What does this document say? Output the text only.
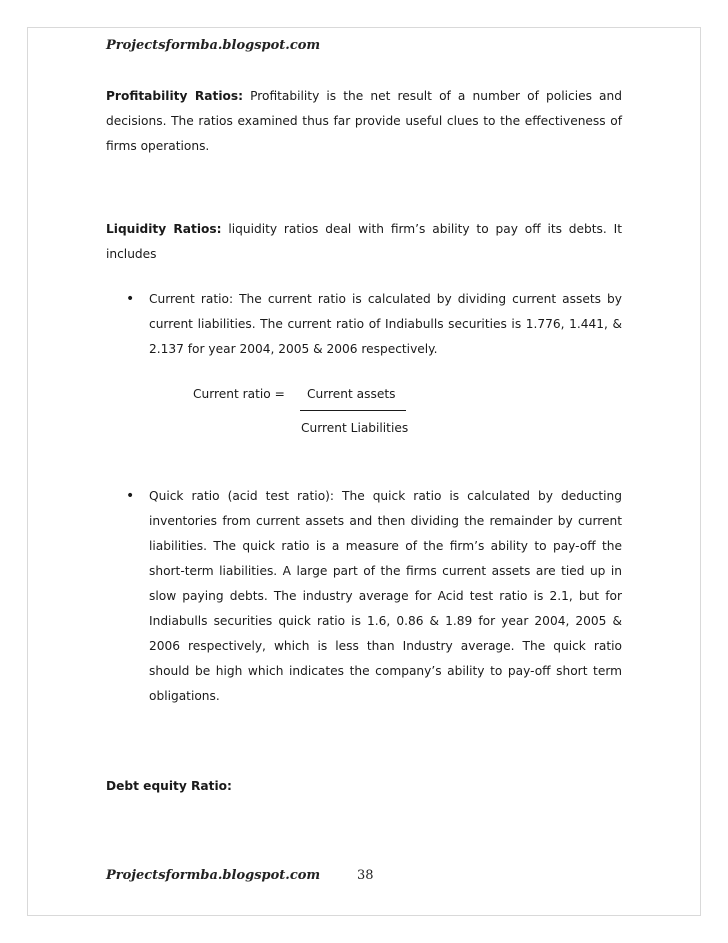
Projectsformba.blogspot.com

Profitability Ratios: Profitability is the net result of a number of policies and decisions. The ratios examined thus far provide useful clues to the effectiveness of firms operations.

Liquidity Ratios: liquidity ratios deal with firm’s ability to pay off its debts. It includes

• Current ratio: The current ratio is calculated by dividing current assets by current liabilities. The current ratio of Indiabulls securities is 1.776, 1.441, & 2.137 for year 2004, 2005 & 2006 respectively.
Current ratio = Current assets
Current Liabilities
• Quick ratio (acid test ratio): The quick ratio is calculated by deducting inventories from current assets and then dividing the remainder by current liabilities. The quick ratio is a measure of the firm’s ability to pay-off the short-term liabilities. A large part of the firms current assets are tied up in slow paying debts. The industry average for Acid test ratio is 2.1, but for Indiabulls securities quick ratio is 1.6, 0.86 & 1.89 for year 2004, 2005 & 2006 respectively, which is less than Industry average. The quick ratio should be high which indicates the company’s ability to pay-off short term obligations.
Debt equity Ratio:
Projectsformba.blogspot.com	38
